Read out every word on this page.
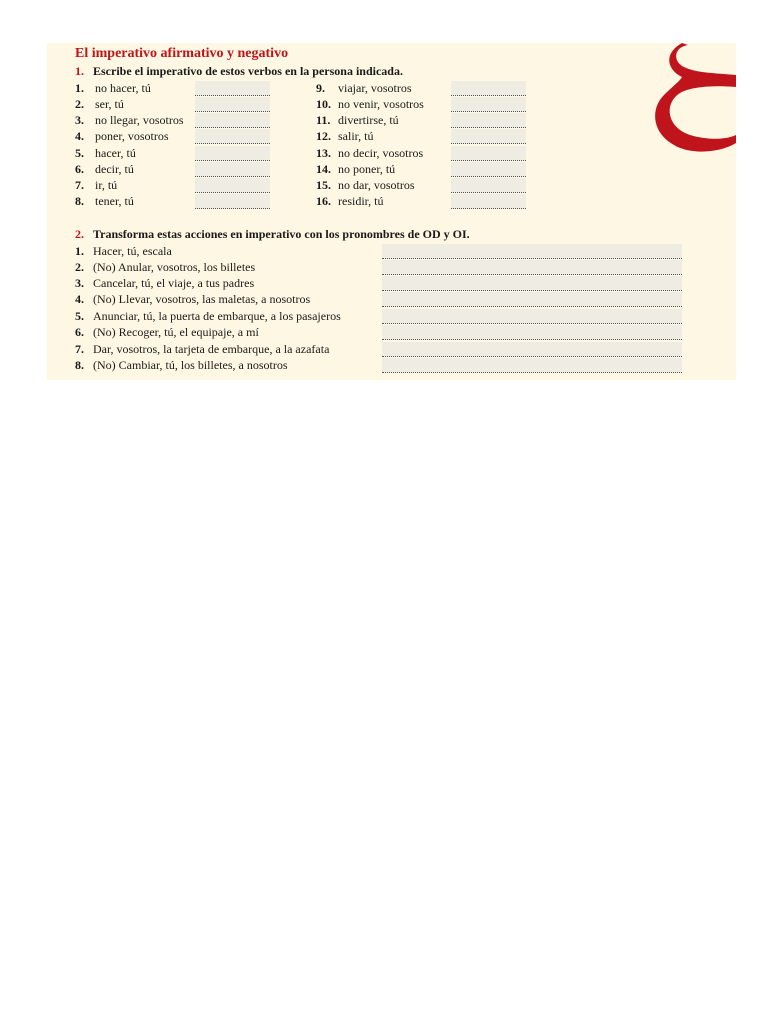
El imperativo afirmativo y negativo
1. Escribe el imperativo de estos verbos en la persona indicada.
1. no hacer, tú
2. ser, tú
3. no llegar, vosotros
4. poner, vosotros
5. hacer, tú
6. decir, tú
7. ir, tú
8. tener, tú
9. viajar, vosotros
10. no venir, vosotros
11. divertirse, tú
12. salir, tú
13. no decir, vosotros
14. no poner, tú
15. no dar, vosotros
16. residir, tú
2. Transforma estas acciones en imperativo con los pronombres de OD y OI.
1. Hacer, tú, escala
2. (No) Anular, vosotros, los billetes
3. Cancelar, tú, el viaje, a tus padres
4. (No) Llevar, vosotros, las maletas, a nosotros
5. Anunciar, tú, la puerta de embarque, a los pasajeros
6. (No) Recoger, tú, el equipaje, a mí
7. Dar, vosotros, la tarjeta de embarque, a la azafata
8. (No) Cambiar, tú, los billetes, a nosotros
